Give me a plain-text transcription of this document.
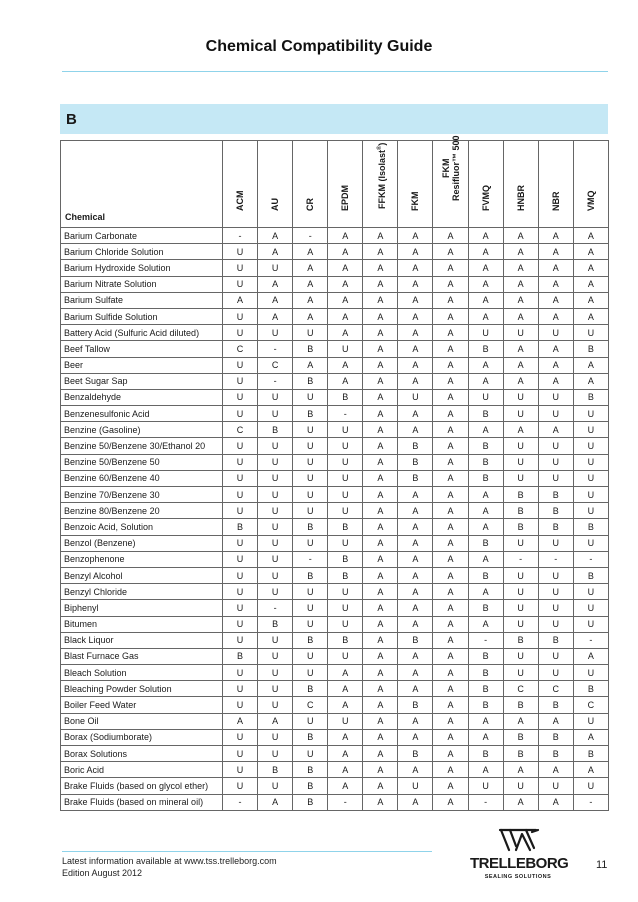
Chemical Compatibility Guide
B
Chemical	ACM	AU	CR	EPDM	FFKM (Isolast®)	FKM	FKM Resifluor™ 500	FVMQ	HNBR	NBR	VMQ

Barium Carbonate	-	A	-	A	A	A	A	A	A	A	A
Barium Chloride Solution	U	A	A	A	A	A	A	A	A	A	A
Barium Hydroxide Solution	U	U	A	A	A	A	A	A	A	A	A
Barium Nitrate Solution	U	A	A	A	A	A	A	A	A	A	A
Barium Sulfate	A	A	A	A	A	A	A	A	A	A	A
Barium Sulfide Solution	U	A	A	A	A	A	A	A	A	A	A
Battery Acid (Sulfuric Acid diluted)	U	U	U	A	A	A	A	U	U	U	U
Beef Tallow	C	-	B	U	A	A	A	B	A	A	B
Beer	U	C	A	A	A	A	A	A	A	A	A
Beet Sugar Sap	U	-	B	A	A	A	A	A	A	A	A
Benzaldehyde	U	U	U	B	A	U	A	U	U	U	B
Benzenesulfonic Acid	U	U	B	-	A	A	A	B	U	U	U
Benzine (Gasoline)	C	B	U	U	A	A	A	A	A	A	U
Benzine 50/Benzene 30/Ethanol 20	U	U	U	U	A	B	A	B	U	U	U
Benzine 50/Benzene 50	U	U	U	U	A	B	A	B	U	U	U
Benzine 60/Benzene 40	U	U	U	U	A	B	A	B	U	U	U
Benzine 70/Benzene 30	U	U	U	U	A	A	A	A	B	B	U
Benzine 80/Benzene 20	U	U	U	U	A	A	A	A	B	B	U
Benzoic Acid, Solution	B	U	B	B	A	A	A	A	B	B	B
Benzol (Benzene)	U	U	U	U	A	A	A	B	U	U	U
Benzophenone	U	U	-	B	A	A	A	A	-	-	-
Benzyl Alcohol	U	U	B	B	A	A	A	B	U	U	B
Benzyl Chloride	U	U	U	U	A	A	A	A	U	U	U
Biphenyl	U	-	U	U	A	A	A	B	U	U	U
Bitumen	U	B	U	U	A	A	A	A	U	U	U
Black Liquor	U	U	B	B	A	B	A	-	B	B	-
Blast Furnace Gas	B	U	U	U	A	A	A	B	U	U	A
Bleach Solution	U	U	U	A	A	A	A	B	U	U	U
Bleaching Powder Solution	U	U	B	A	A	A	A	B	C	C	B
Boiler Feed Water	U	U	C	A	A	B	A	B	B	B	C
Bone Oil	A	A	U	U	A	A	A	A	A	A	U
Borax (Sodiumborate)	U	U	B	A	A	A	A	A	B	B	A
Borax Solutions	U	U	U	A	A	B	A	B	B	B	B
Boric Acid	U	B	B	A	A	A	A	A	A	A	A
Brake Fluids (based on glycol ether)	U	U	B	A	A	U	A	U	U	U	U
Brake Fluids (based on mineral oil)	-	A	B	-	A	A	A	-	A	A	-
Latest information available at www.tss.trelleborg.com
Edition August 2012
TRELLEBORG
SEALING SOLUTIONS
11
